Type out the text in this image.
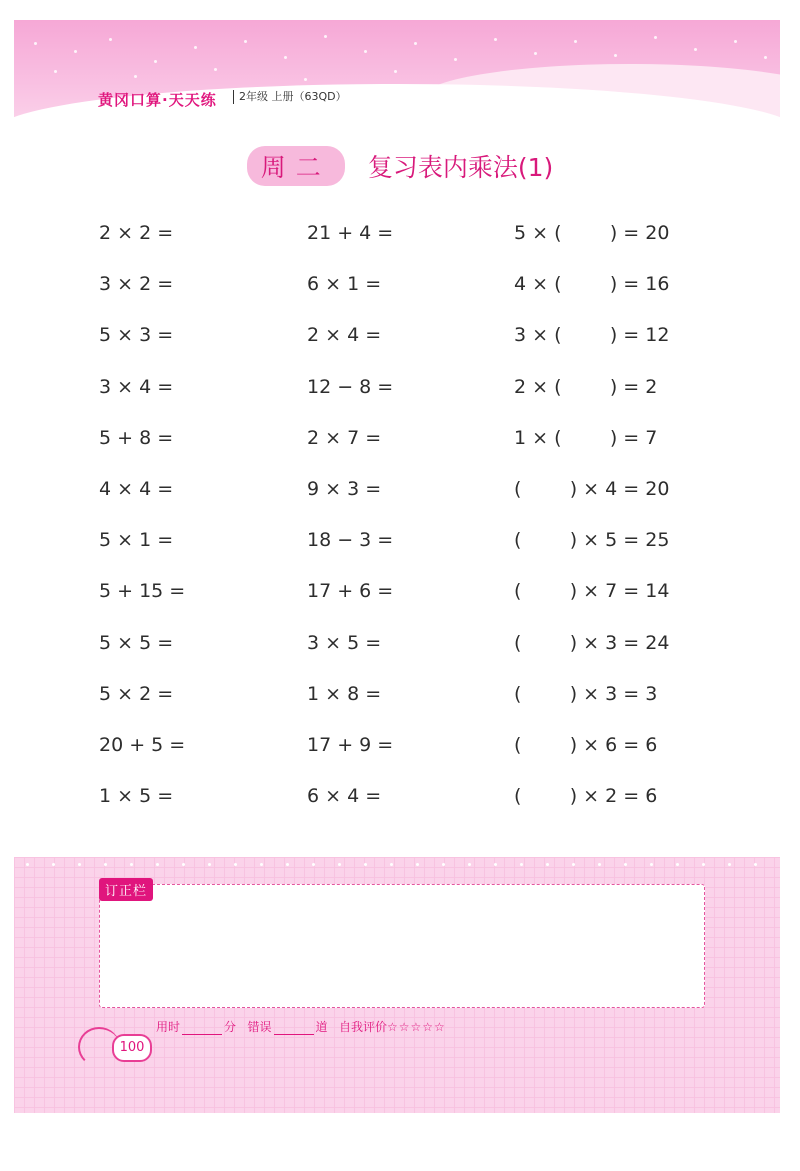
黄冈口算·天天练	2年级 上册（63QD）
周二 复习表内乘法(1)
2 × 2 =	21 + 4 =	5 × (        ) = 20
3 × 2 =	6 × 1 =	4 × (        ) = 16
5 × 3 =	2 × 4 =	3 × (        ) = 12
3 × 4 =	12 − 8 =	2 × (        ) = 2
5 + 8 =	2 × 7 =	1 × (        ) = 7
4 × 4 =	9 × 3 =	(        ) × 4 = 20
5 × 1 =	18 − 3 =	(        ) × 5 = 25
5 + 15 =	17 + 6 =	(        ) × 7 = 14
5 × 5 =	3 × 5 =	(        ) × 3 = 24
5 × 2 =	1 × 8 =	(        ) × 3 = 3
20 + 5 =	17 + 9 =	(        ) × 6 = 6
1 × 5 =	6 × 4 =	(        ) × 2 = 6
订正栏
100
用时	分 错误	道 自我评价☆☆☆☆☆
